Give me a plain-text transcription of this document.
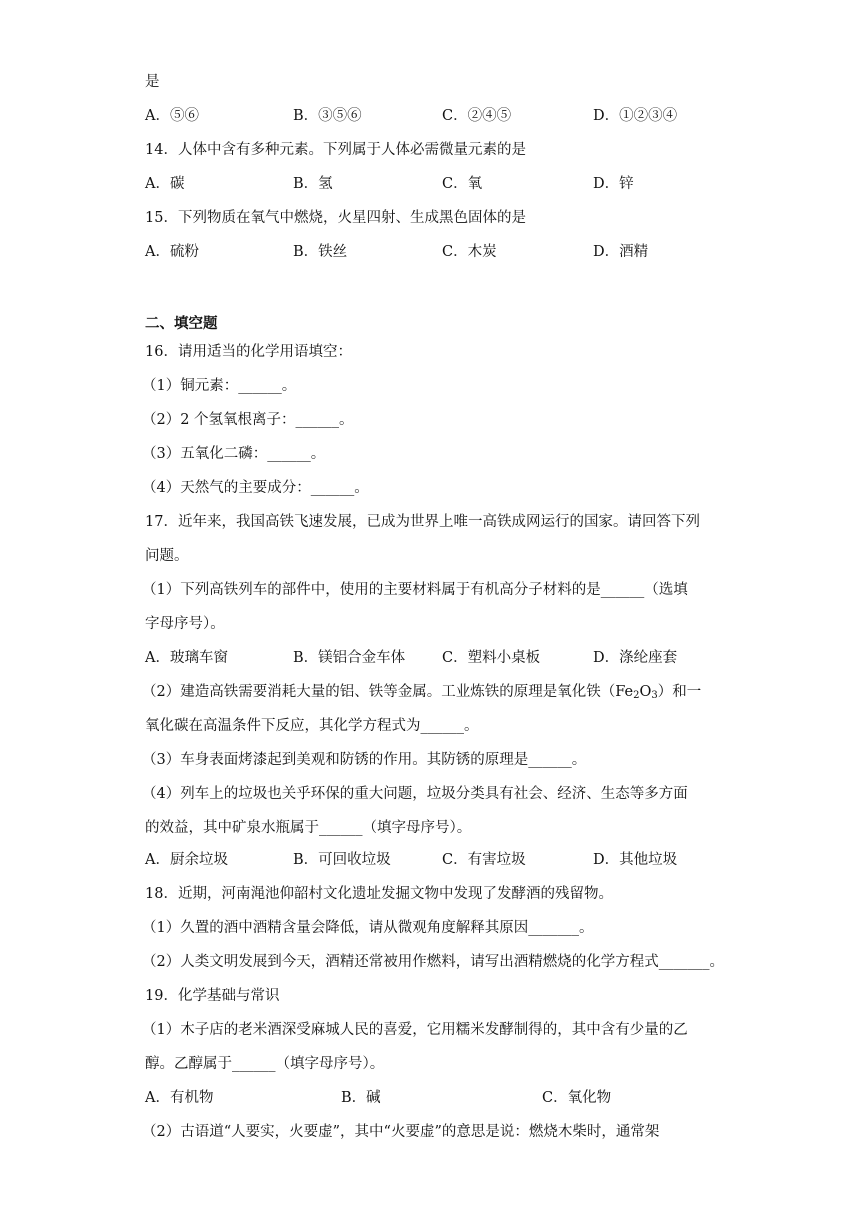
是
A．⑤⑥	B．③⑤⑥	C．②④⑤	D．①②③④
14．人体中含有多种元素。下列属于人体必需微量元素的是
A．碳	B．氢	C．氧	D．锌
15．下列物质在氧气中燃烧，火星四射、生成黑色固体的是
A．硫粉	B．铁丝	C．木炭	D．酒精
二、填空题
16．请用适当的化学用语填空：
（1）铜元素：______。
（2）2 个氢氧根离子：______。
（3）五氧化二磷：______。
（4）天然气的主要成分：______。
17．近年来，我国高铁飞速发展，已成为世界上唯一高铁成网运行的国家。请回答下列
问题。
（1）下列高铁列车的部件中，使用的主要材料属于有机高分子材料的是______（选填
字母序号）。
A．玻璃车窗	B．镁铝合金车体	C．塑料小桌板	D．涤纶座套
（2）建造高铁需要消耗大量的铝、铁等金属。工业炼铁的原理是氧化铁$(Fe_2O_3)$和一
氧化碳在高温条件下反应，其化学方程式为______。
（3）车身表面烤漆起到美观和防锈的作用。其防锈的原理是______。
（4）列车上的垃圾也关乎环保的重大问题，垃圾分类具有社会、经济、生态等多方面
的效益，其中矿泉水瓶属于______（填字母序号）。
A．厨余垃圾	B．可回收垃圾	C．有害垃圾	D．其他垃圾
18．近期，河南渑池仰韶村文化遗址发掘文物中发现了发酵酒的残留物。
（1）久置的酒中酒精含量会降低，请从微观角度解释其原因_______。
（2）人类文明发展到今天，酒精还常被用作燃料，请写出酒精燃烧的化学方程式_______。
19．化学基础与常识
（1）木子店的老米酒深受麻城人民的喜爱，它用糯米发酵制得的，其中含有少量的乙
醇。乙醇属于______（填字母序号）。
A．有机物	B．碱	C．氧化物
（2）古语道“人要实，火要虚”，其中“火要虚”的意思是说：燃烧木柴时，通常架
